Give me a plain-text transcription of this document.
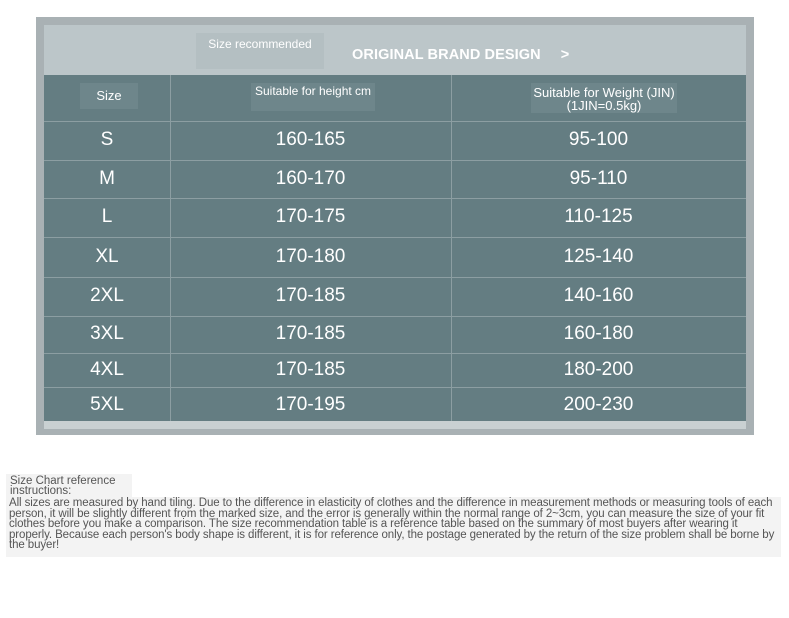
Size recommended
ORIGINAL BRAND DESIGN >
Size	Suitable for height cm	Suitable for Weight (JIN)(1JIN=0.5kg)
S	160-165	95-100
M	160-170	95-110
L	170-175	110-125
XL	170-180	125-140
2XL	170-185	140-160
3XL	170-185	160-180
4XL	170-185	180-200
5XL	170-195	200-230
Size Chart reference instructions:
All sizes are measured by hand tiling. Due to the difference in elasticity of clothes and the difference in measurement methods or measuring tools of each person, it will be slightly different from the marked size, and the error is generally within the normal range of 2~3cm, you can measure the size of your fit clothes before you make a comparison. The size recommendation table is a reference table based on the summary of most buyers after wearing it properly. Because each person's body shape is different, it is for reference only, the postage generated by the return of the size problem shall be borne by the buyer!
